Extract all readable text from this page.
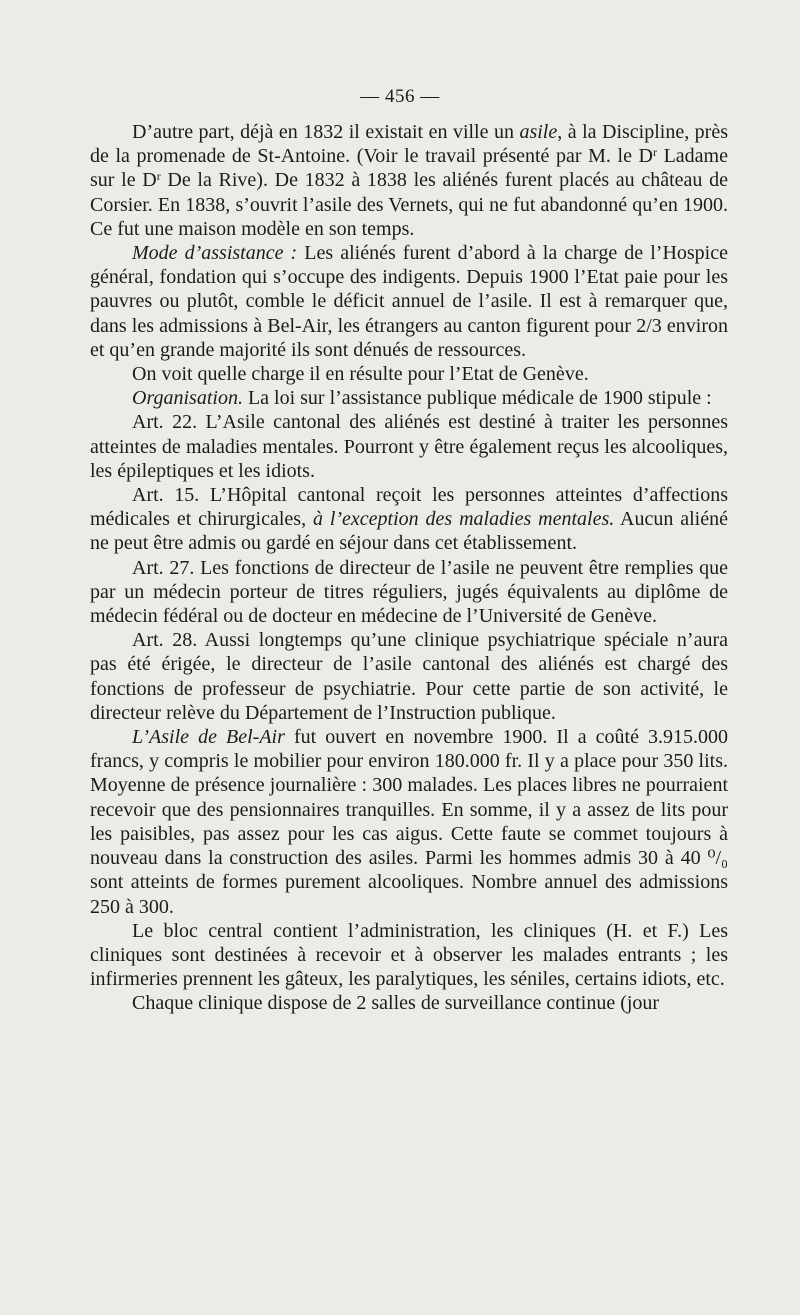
— 456 —

D’autre part, déjà en 1832 il existait en ville un asile, à la Discipline, près de la promenade de St-Antoine. (Voir le travail présenté par M. le $D^r$ Ladame sur le $D^r$ De la Rive). De 1832 à 1838 les aliénés furent placés au château de Corsier. En 1838, s’ouvrit l’asile des Vernets, qui ne fut abandonné qu’en 1900. Ce fut une maison modèle en son temps.

Mode d’assistance : Les aliénés furent d’abord à la charge de l’Hospice général, fondation qui s’occupe des indigents. Depuis 1900 l’Etat paie pour les pauvres ou plutôt, comble le déficit annuel de l’asile. Il est à remarquer que, dans les admissions à Bel-Air, les étrangers au canton figurent pour 2/3 environ et qu’en grande majorité ils sont dénués de ressources.

On voit quelle charge il en résulte pour l’Etat de Genève.

Organisation. La loi sur l’assistance publique médicale de 1900 stipule :

Art. 22. L’Asile cantonal des aliénés est destiné à traiter les personnes atteintes de maladies mentales. Pourront y être également reçus les alcooliques, les épileptiques et les idiots.

Art. 15. L’Hôpital cantonal reçoit les personnes atteintes d’affections médicales et chirurgicales, à l’exception des maladies mentales. Aucun aliéné ne peut être admis ou gardé en séjour dans cet établissement.

Art. 27. Les fonctions de directeur de l’asile ne peuvent être remplies que par un médecin porteur de titres réguliers, jugés équivalents au diplôme de médecin fédéral ou de docteur en médecine de l’Université de Genève.

Art. 28. Aussi longtemps qu’une clinique psychiatrique spéciale n’aura pas été érigée, le directeur de l’asile cantonal des aliénés est chargé des fonctions de professeur de psychiatrie. Pour cette partie de son activité, le directeur relève du Département de l’Instruction publique.

L’Asile de Bel-Air fut ouvert en novembre 1900. Il a coûté 3.915.000 francs, y compris le mobilier pour environ 180.000 fr. Il y a place pour 350 lits. Moyenne de présence journalière : 300 malades. Les places libres ne pourraient recevoir que des pensionnaires tranquilles. En somme, il y a assez de lits pour les paisibles, pas assez pour les cas aigus. Cette faute se commet toujours à nouveau dans la construction des asiles. Parmi les hommes admis 30 à 40 ⁰/₀ sont atteints de formes purement alcooliques. Nombre annuel des admissions 250 à 300.

Le bloc central contient l’administration, les cliniques (H. et F.) Les cliniques sont destinées à recevoir et à observer les malades entrants ; les infirmeries prennent les gâteux, les paralytiques, les séniles, certains idiots, etc.

Chaque clinique dispose de 2 salles de surveillance continue (jour
